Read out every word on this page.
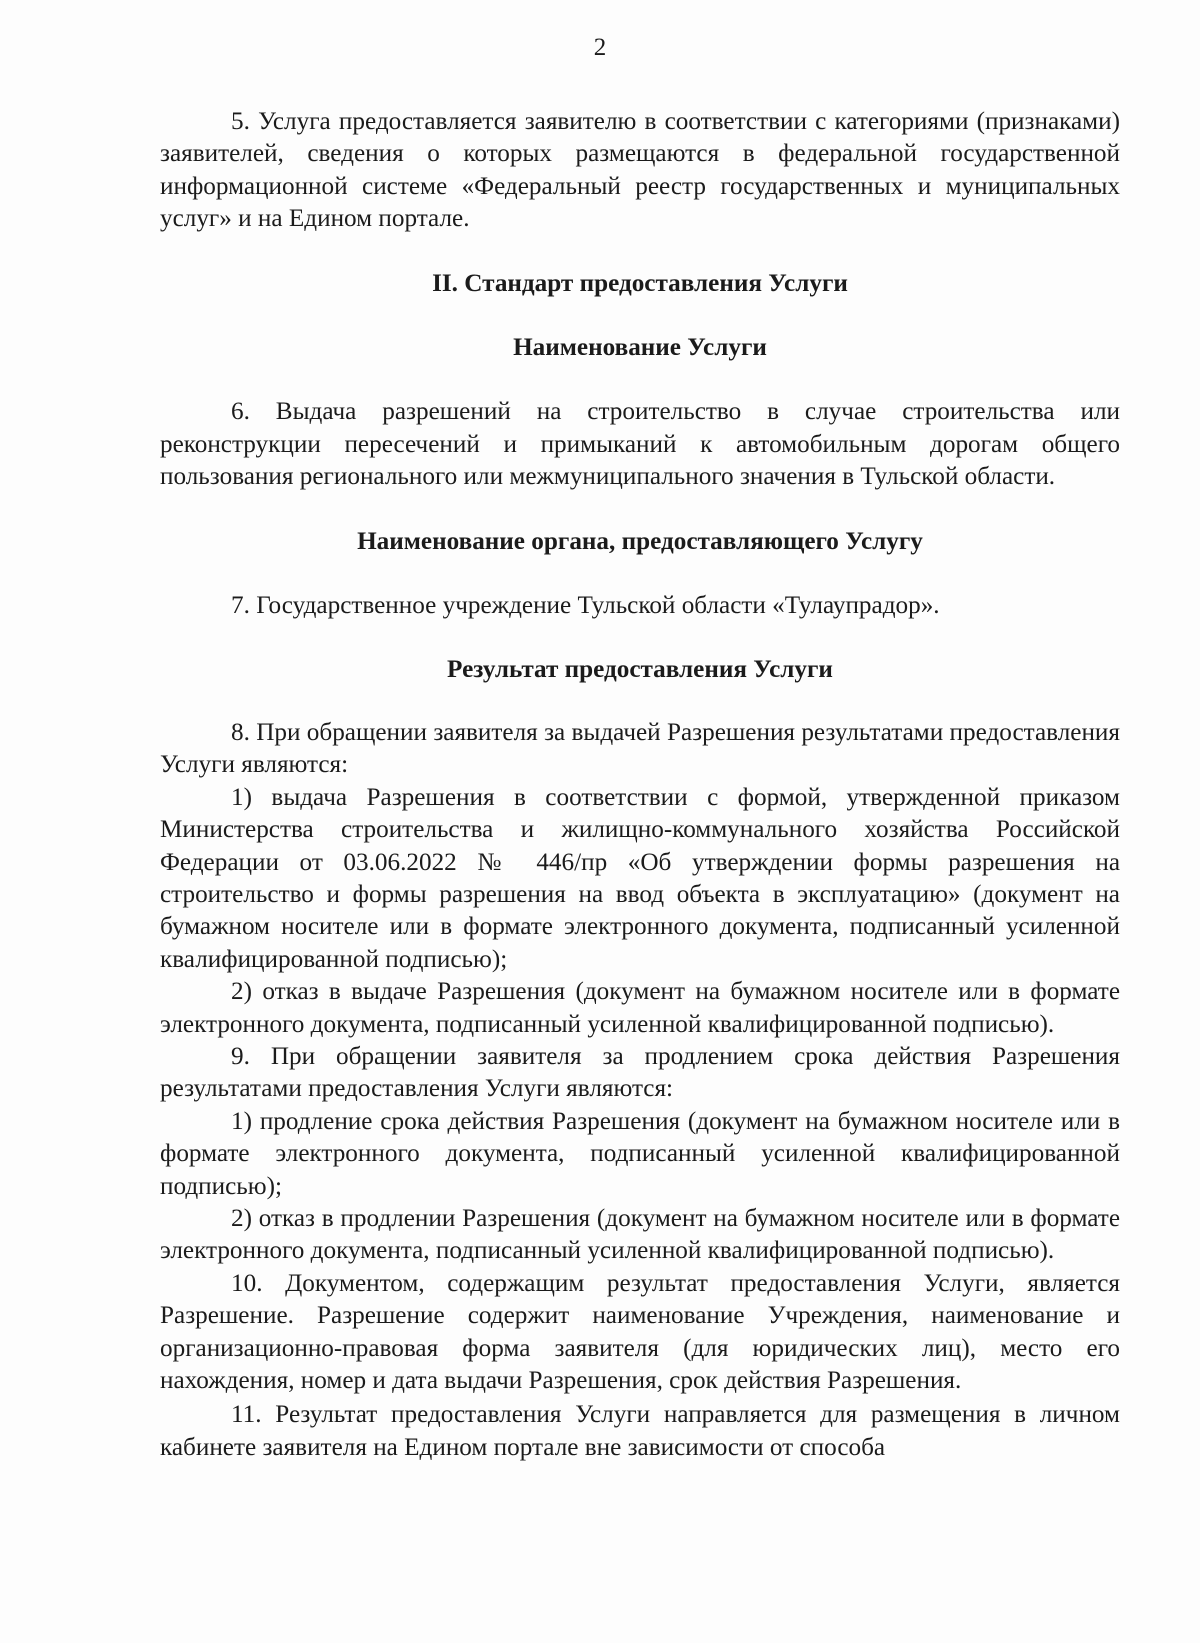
2

5. Услуга предоставляется заявителю в соответствии с категориями (признаками) заявителей, сведения о которых размещаются в федеральной государственной информационной системе «Федеральный реестр государственных и муниципальных услуг» и на Едином портале.

II. Стандарт предоставления Услуги

Наименование Услуги

6. Выдача разрешений на строительство в случае строительства или реконструкции пересечений и примыканий к автомобильным дорогам общего пользования регионального или межмуниципального значения в Тульской области.

Наименование органа, предоставляющего Услугу

7. Государственное учреждение Тульской области «Тулаупрадор».

Результат предоставления Услуги

8. При обращении заявителя за выдачей Разрешения результатами предоставления Услуги являются:

1) выдача Разрешения в соответствии с формой, утвержденной приказом Министерства строительства и жилищно-коммунального хозяйства Российской Федерации от 03.06.2022 № 446/пр «Об утверждении формы разрешения на строительство и формы разрешения на ввод объекта в эксплуатацию» (документ на бумажном носителе или в формате электронного документа, подписанный усиленной квалифицированной подписью);

2) отказ в выдаче Разрешения (документ на бумажном носителе или в формате электронного документа, подписанный усиленной квалифицированной подписью).

9. При обращении заявителя за продлением срока действия Разрешения результатами предоставления Услуги являются:

1) продление срока действия Разрешения (документ на бумажном носителе или в формате электронного документа, подписанный усиленной квалифицированной подписью);

2) отказ в продлении Разрешения (документ на бумажном носителе или в формате электронного документа, подписанный усиленной квалифицированной подписью).

10. Документом, содержащим результат предоставления Услуги, является Разрешение. Разрешение содержит наименование Учреждения, наименование и организационно-правовая форма заявителя (для юридических лиц), место его нахождения, номер и дата выдачи Разрешения, срок действия Разрешения.

11. Результат предоставления Услуги направляется для размещения в личном кабинете заявителя на Едином портале вне зависимости от способа
